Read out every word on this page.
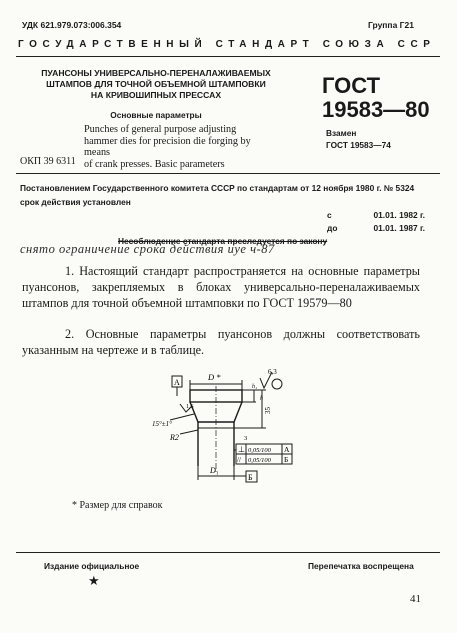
УДК 621.979.073:006.354	Группа Г21
ГОСУДАРСТВЕННЫЙ СТАНДАРТ СОЮЗА ССР
ПУАНСОНЫ УНИВЕРСАЛЬНО-ПЕРЕНАЛАЖИВАЕМЫХ
ШТАМПОВ ДЛЯ ТОЧНОЙ ОБЪЕМНОЙ ШТАМПОВКИ
НА КРИВОШИПНЫХ ПРЕССАХ	ГОСТ
19583—80
Основные параметры
Punches of general purpose adjusting
hammer dies for precision die forging by means
of crank presses. Basic parameters
Взамен
ГОСТ 19583—74
ОКП 39 6311
Постановлением Государственного комитета СССР по стандартам от 12 ноября 1980 г. № 5324 срок действия установлен
с	01.01. 1982 г.
до	01.01. 1987 г.
Несоблюдение стандарта преследуется по закону
снято ограничение срока действия иуе ч-87
1. Настоящий стандарт распространяется на основные параметры пуансонов, закрепляемых в блоках универсально-переналаживаемых штампов для точной объемной штамповки по ГОСТ 19579—80
2. Основные параметры пуансонов должны соответствовать указанным на чертеже и в таблице.
6,3
А
D *
h₁
h
35
3
1,6
15°±1°
R2
⊥ 0,05/100 А
// 0,05/100 Б
D₁
Б
* Размер для справок
Издание официальное	Перепечатка воспрещена
★
41
